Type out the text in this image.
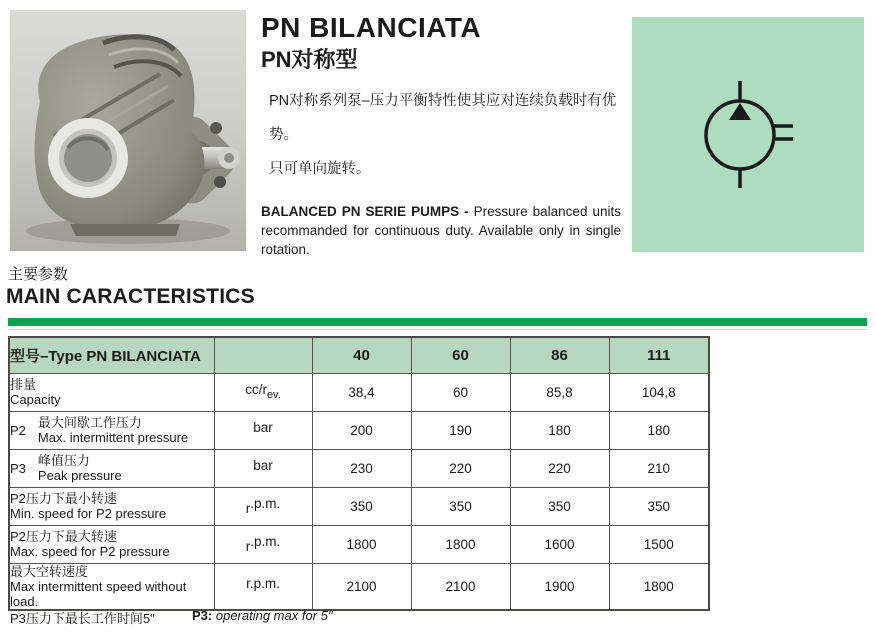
PN BILANCIATA
PN对称型
PN对称系列泵–压力平衡特性使其应对连续负载时有优势。
只可单向旋转。
BALANCED PN SERIE PUMPS - Pressure balanced units recommanded for continuous duty. Available only in single rotation.
主要参数
MAIN CARACTERISTICS
型号–Type PN BILANCIATA		40	60	86	111

排量
Capacity	$cc/r_{ev.}$	38,4	60	85,8	104,8

P2 最大间歇工作压力
Max. intermittent pressure	bar	200	190	180	180

P3 峰值压力
Peak pressure	bar	230	220	220	210

P2压力下最小转速
Min. speed for P2 pressure	r.p.m.	350	350	350	350

P2压力下最大转速
Max. speed for P2 pressure	r.p.m.	1800	1800	1600	1500

最大空转速度
Max intermittent speed without load.	r.p.m.	2100	2100	1900	1800
P3压力下最长工作时间5"	P3: operating max for 5"
